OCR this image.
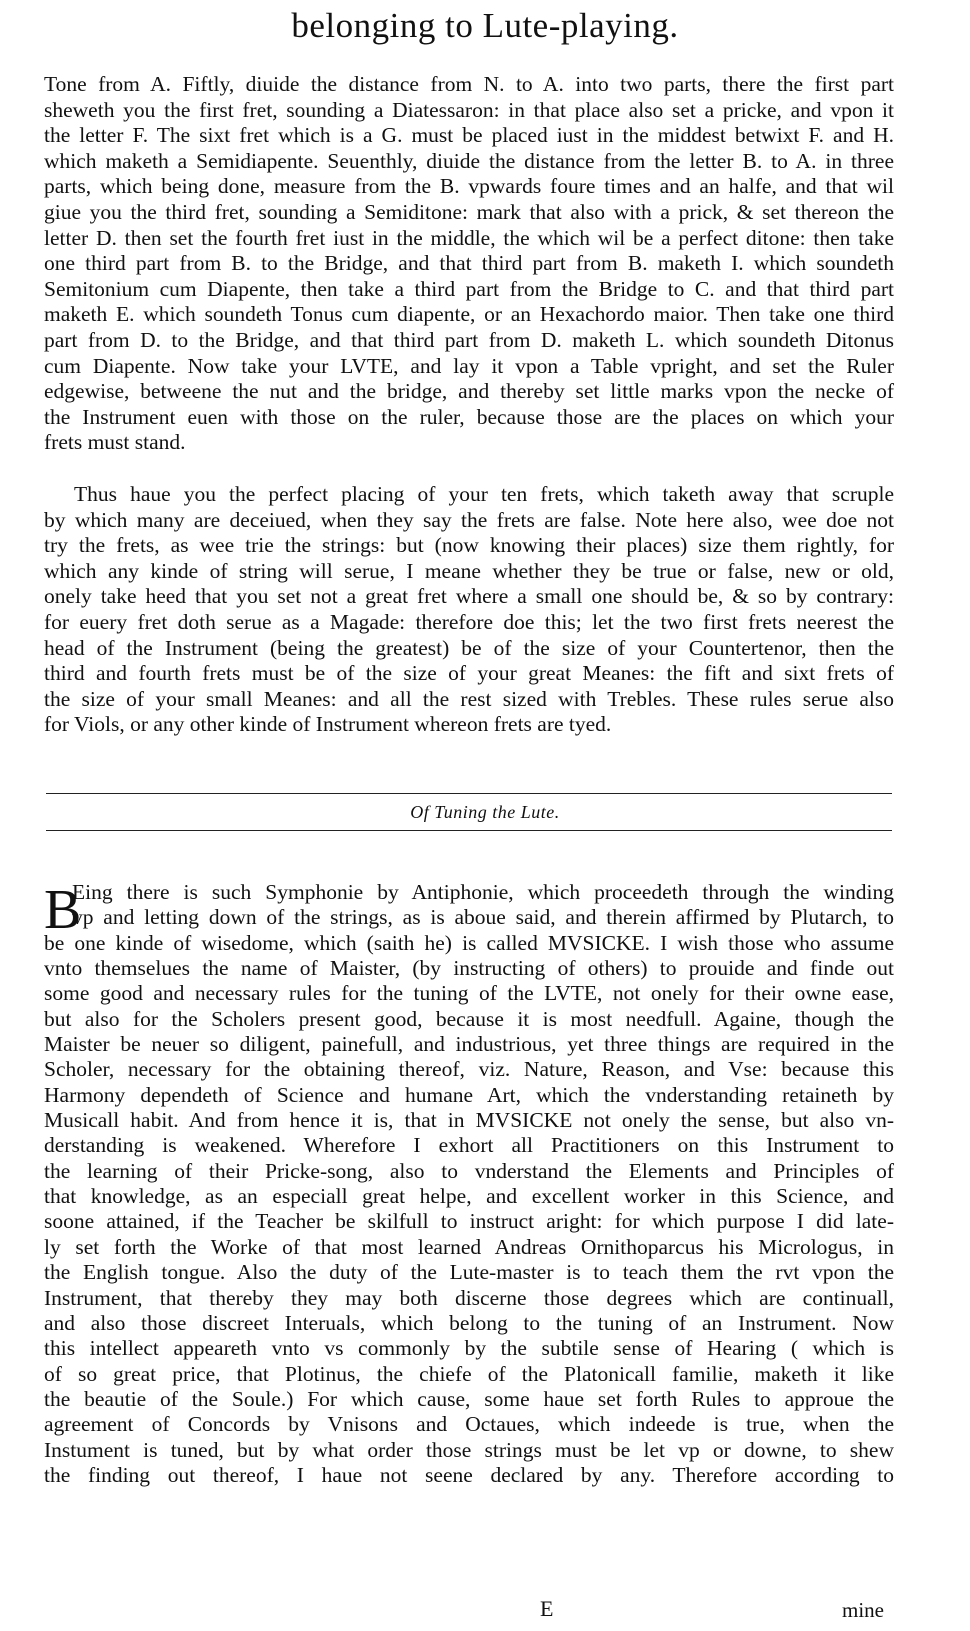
belonging to Lute-playing.
Tone from A. Fiftly, diuide the distance from N. to A. into two parts, there the first part
sheweth you the first fret, sounding a Diatessaron: in that place also set a pricke, and vpon it
the letter F. The sixt fret which is a G. must be placed iust in the middest betwixt F. and H.
which maketh a Semidiapente. Seuenthly, diuide the distance from the letter B. to A. in three
parts, which being done, measure from the B. vpwards foure times and an halfe, and that wil
giue you the third fret, sounding a Semiditone: mark that also with a prick, & set thereon the
letter D. then set the fourth fret iust in the middle, the which wil be a perfect ditone: then take
one third part from B. to the Bridge, and that third part from B. maketh I. which soundeth
Semitonium cum Diapente, then take a third part from the Bridge to C. and that third part
maketh E. which soundeth Tonus cum diapente, or an Hexachordo maior. Then take one third
part from D. to the Bridge, and that third part from D. maketh L. which soundeth Ditonus
cum Diapente. Now take your LVTE, and lay it vpon a Table vpright, and set the Ruler
edgewise, betweene the nut and the bridge, and thereby set little marks vpon the necke of
the Instrument euen with those on the ruler, because those are the places on which your
frets must stand.
Thus haue you the perfect placing of your ten frets, which taketh away that scruple
by which many are deceiued, when they say the frets are false. Note here also, wee doe not
try the frets, as wee trie the strings: but (now knowing their places) size them rightly, for
which any kinde of string will serue, I meane whether they be true or false, new or old,
onely take heed that you set not a great fret where a small one should be, & so by contrary:
for euery fret doth serue as a Magade: therefore doe this; let the two first frets neerest the
head of the Instrument (being the greatest) be of the size of your Countertenor, then the
third and fourth frets must be of the size of your great Meanes: the fift and sixt frets of
the size of your small Meanes: and all the rest sized with Trebles. These rules serue also
for Viols, or any other kinde of Instrument whereon frets are tyed.
Of Tuning the Lute.
B
Eing there is such Symphonie by Antiphonie, which proceedeth through the winding
vp and letting down of the strings, as is aboue said, and therein affirmed by Plutarch, to
be one kinde of wisedome, which (saith he) is called MVSICKE. I wish those who assume
vnto themselues the name of Maister, (by instructing of others) to prouide and finde out
some good and necessary rules for the tuning of the LVTE, not onely for their owne ease,
but also for the Scholers present good, because it is most needfull. Againe, though the
Maister be neuer so diligent, painefull, and industrious, yet three things are required in the
Scholer, necessary for the obtaining thereof, viz. Nature, Reason, and Vse: because this
Harmony dependeth of Science and humane Art, which the vnderstanding retaineth by
Musicall habit. And from hence it is, that in MVSICKE not onely the sense, but also vn-
derstanding is weakened. Wherefore I exhort all Practitioners on this Instrument to
the learning of their Pricke-song, also to vnderstand the Elements and Principles of
that knowledge, as an especiall great helpe, and excellent worker in this Science, and
soone attained, if the Teacher be skilfull to instruct aright: for which purpose I did late-
ly set forth the Worke of that most learned Andreas Ornithoparcus his Micrologus, in
the English tongue. Also the duty of the Lute-master is to teach them the rvt vpon the
Instrument, that thereby they may both discerne those degrees which are continuall,
and also those discreet Interuals, which belong to the tuning of an Instrument. Now
this intellect appeareth vnto vs commonly by the subtile sense of Hearing ( which is
of so great price, that Plotinus, the chiefe of the Platonicall familie, maketh it like
the beautie of the Soule.) For which cause, some haue set forth Rules to approue the
agreement of Concords by Vnisons and Octaues, which indeede is true, when the
Instument is tuned, but by what order those strings must be let vp or downe, to shew
the finding out thereof, I haue not seene declared by any. Therefore according to
E	mine
